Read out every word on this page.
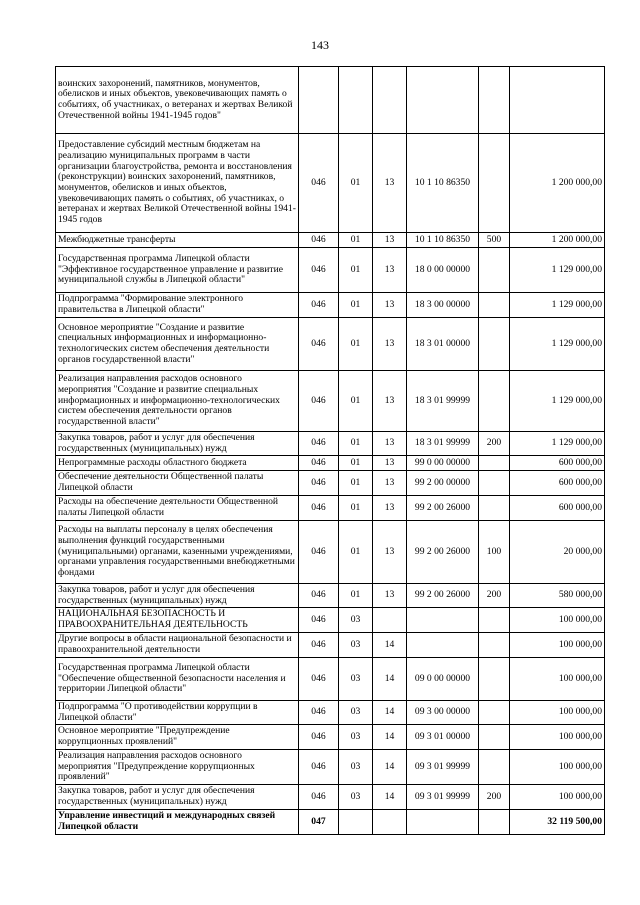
143
воинских захоронений, памятников, монументов, обелисков и иных объектов, увековечивающих память о событиях, об участниках, о ветеранах и жертвах Великой Отечественной войны 1941-1945 годов"						
Предоставление субсидий местным бюджетам на реализацию муниципальных программ в части организации благоустройства, ремонта и восстановления (реконструкции) воинских захоронений, памятников, монументов, обелисков и иных объектов, увековечивающих память о событиях, об участниках, о ветеранах и жертвах Великой Отечественной войны 1941-1945 годов	046	01	13	10 1 10 86350		1 200 000,00
Межбюджетные трансферты	046	01	13	10 1 10 86350	500	1 200 000,00
Государственная программа Липецкой области "Эффективное государственное управление и развитие муниципальной службы в Липецкой области"	046	01	13	18 0 00 00000		1 129 000,00
Подпрограмма "Формирование электронного правительства в Липецкой области"	046	01	13	18 3 00 00000		1 129 000,00
Основное мероприятие "Создание и развитие специальных информационных и информационно-технологических систем обеспечения деятельности органов государственной власти"	046	01	13	18 3 01 00000		1 129 000,00
Реализация направления расходов основного мероприятия "Создание и развитие специальных информационных и информационно-технологических систем обеспечения деятельности органов государственной власти"	046	01	13	18 3 01 99999		1 129 000,00
Закупка товаров, работ и услуг для обеспечения государственных (муниципальных) нужд	046	01	13	18 3 01 99999	200	1 129 000,00
Непрограммные расходы областного бюджета	046	01	13	99 0 00 00000		600 000,00
Обеспечение деятельности Общественной палаты Липецкой области	046	01	13	99 2 00 00000		600 000,00
Расходы на обеспечение деятельности Общественной палаты Липецкой области	046	01	13	99 2 00 26000		600 000,00
Расходы на выплаты персоналу в целях обеспечения выполнения функций государственными (муниципальными) органами, казенными учреждениями, органами управления государственными внебюджетными фондами	046	01	13	99 2 00 26000	100	20 000,00
Закупка товаров, работ и услуг для обеспечения государственных (муниципальных) нужд	046	01	13	99 2 00 26000	200	580 000,00
НАЦИОНАЛЬНАЯ БЕЗОПАСНОСТЬ И ПРАВООХРАНИТЕЛЬНАЯ ДЕЯТЕЛЬНОСТЬ	046	03				100 000,00
Другие вопросы в области национальной безопасности и правоохранительной деятельности	046	03	14			100 000,00
Государственная программа Липецкой области "Обеспечение общественной безопасности населения и территории Липецкой области"	046	03	14	09 0 00 00000		100 000,00
Подпрограмма "О противодействии коррупции в Липецкой области"	046	03	14	09 3 00 00000		100 000,00
Основное мероприятие "Предупреждение коррупционных проявлений"	046	03	14	09 3 01 00000		100 000,00
Реализация направления расходов основного мероприятия "Предупреждение коррупционных проявлений"	046	03	14	09 3 01 99999		100 000,00
Закупка товаров, работ и услуг для обеспечения государственных (муниципальных) нужд	046	03	14	09 3 01 99999	200	100 000,00
Управление инвестиций и международных связей Липецкой области	047					32 119 500,00
